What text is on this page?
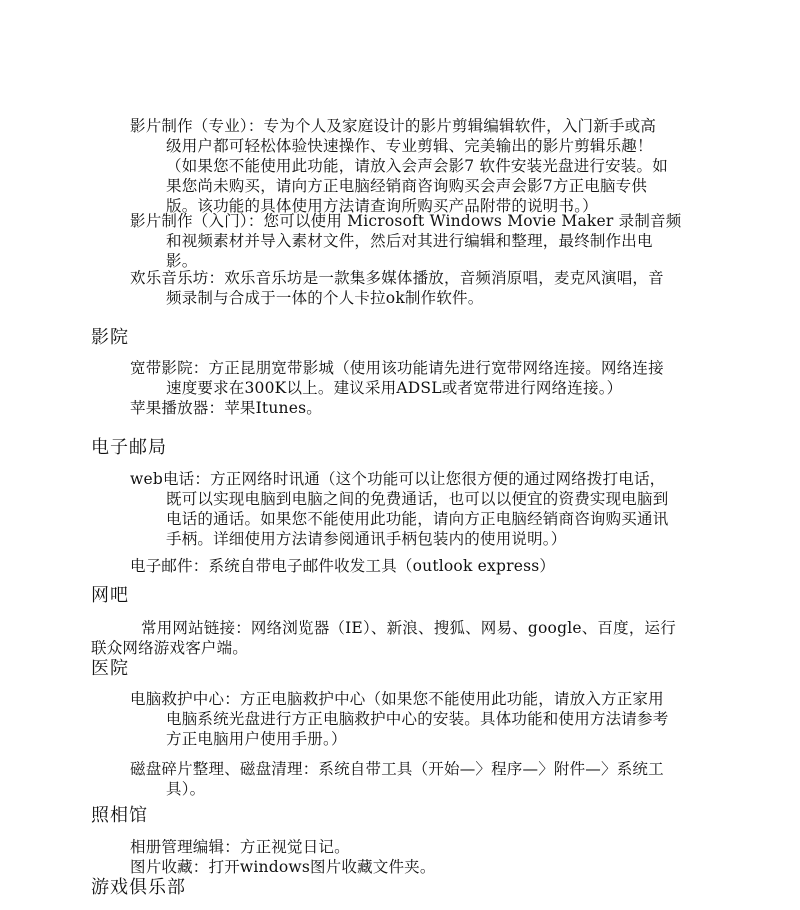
影片制作（专业）：专为个人及家庭设计的影片剪辑编辑软件，入门新手或高
级用户都可轻松体验快速操作、专业剪辑、完美输出的影片剪辑乐趣！
（如果您不能使用此功能，请放入会声会影7 软件安装光盘进行安装。如
果您尚未购买，请向方正电脑经销商咨询购买会声会影7方正电脑专供
版。该功能的具体使用方法请查询所购买产品附带的说明书。）
影片制作（入门）：您可以使用 Microsoft Windows Movie Maker 录制音频
和视频素材并导入素材文件，然后对其进行编辑和整理，最终制作出电
影。
欢乐音乐坊：欢乐音乐坊是一款集多媒体播放，音频消原唱，麦克风演唱，音
频录制与合成于一体的个人卡拉ok制作软件。
影院
宽带影院：方正昆朋宽带影城（使用该功能请先进行宽带网络连接。网络连接
速度要求在300K以上。建议采用ADSL或者宽带进行网络连接。）
苹果播放器：苹果Itunes。
电子邮局
web电话：方正网络时讯通（这个功能可以让您很方便的通过网络拨打电话，
既可以实现电脑到电脑之间的免费通话，也可以以便宜的资费实现电脑到
电话的通话。如果您不能使用此功能，请向方正电脑经销商咨询购买通讯
手柄。详细使用方法请参阅通讯手柄包装内的使用说明。）
电子邮件：系统自带电子邮件收发工具（outlook express）
网吧
常用网站链接：网络浏览器（IE）、新浪、搜狐、网易、google、百度，运行
联众网络游戏客户端。
医院
电脑救护中心：方正电脑救护中心（如果您不能使用此功能，请放入方正家用
电脑系统光盘进行方正电脑救护中心的安装。具体功能和使用方法请参考
方正电脑用户使用手册。）
磁盘碎片整理、磁盘清理：系统自带工具（开始—〉程序—〉附件—〉系统工
具）。
照相馆
相册管理编辑：方正视觉日记。
图片收藏：打开windows图片收藏文件夹。
游戏俱乐部
